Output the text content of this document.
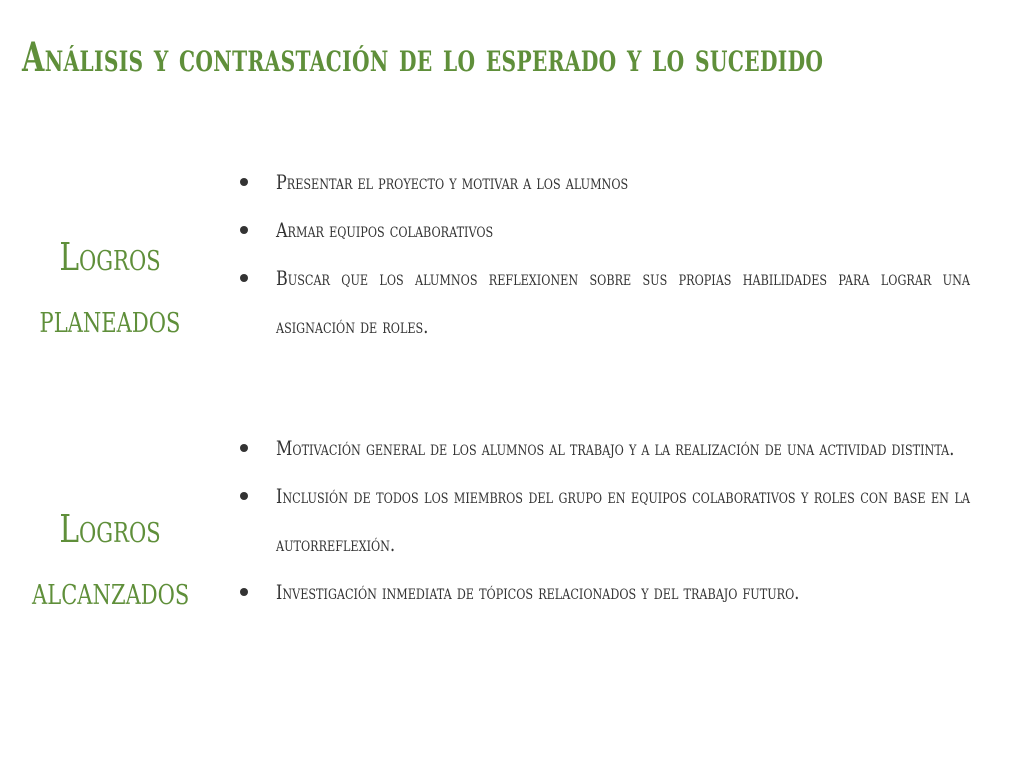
Análisis y contrastación de lo esperado y lo sucedido
Logros
planeados
Presentar el proyecto y motivar a los alumnos
Armar equipos colaborativos
Buscar que los alumnos reflexionen sobre sus propias habilidades para lograr una asignación de roles.
Logros
alcanzados
Motivación general de los alumnos al trabajo y a la realización de una actividad distinta.
Inclusión de todos los miembros del grupo en equipos colaborativos y roles con base en la autorreflexión.
Investigación inmediata de tópicos relacionados y del trabajo futuro.
